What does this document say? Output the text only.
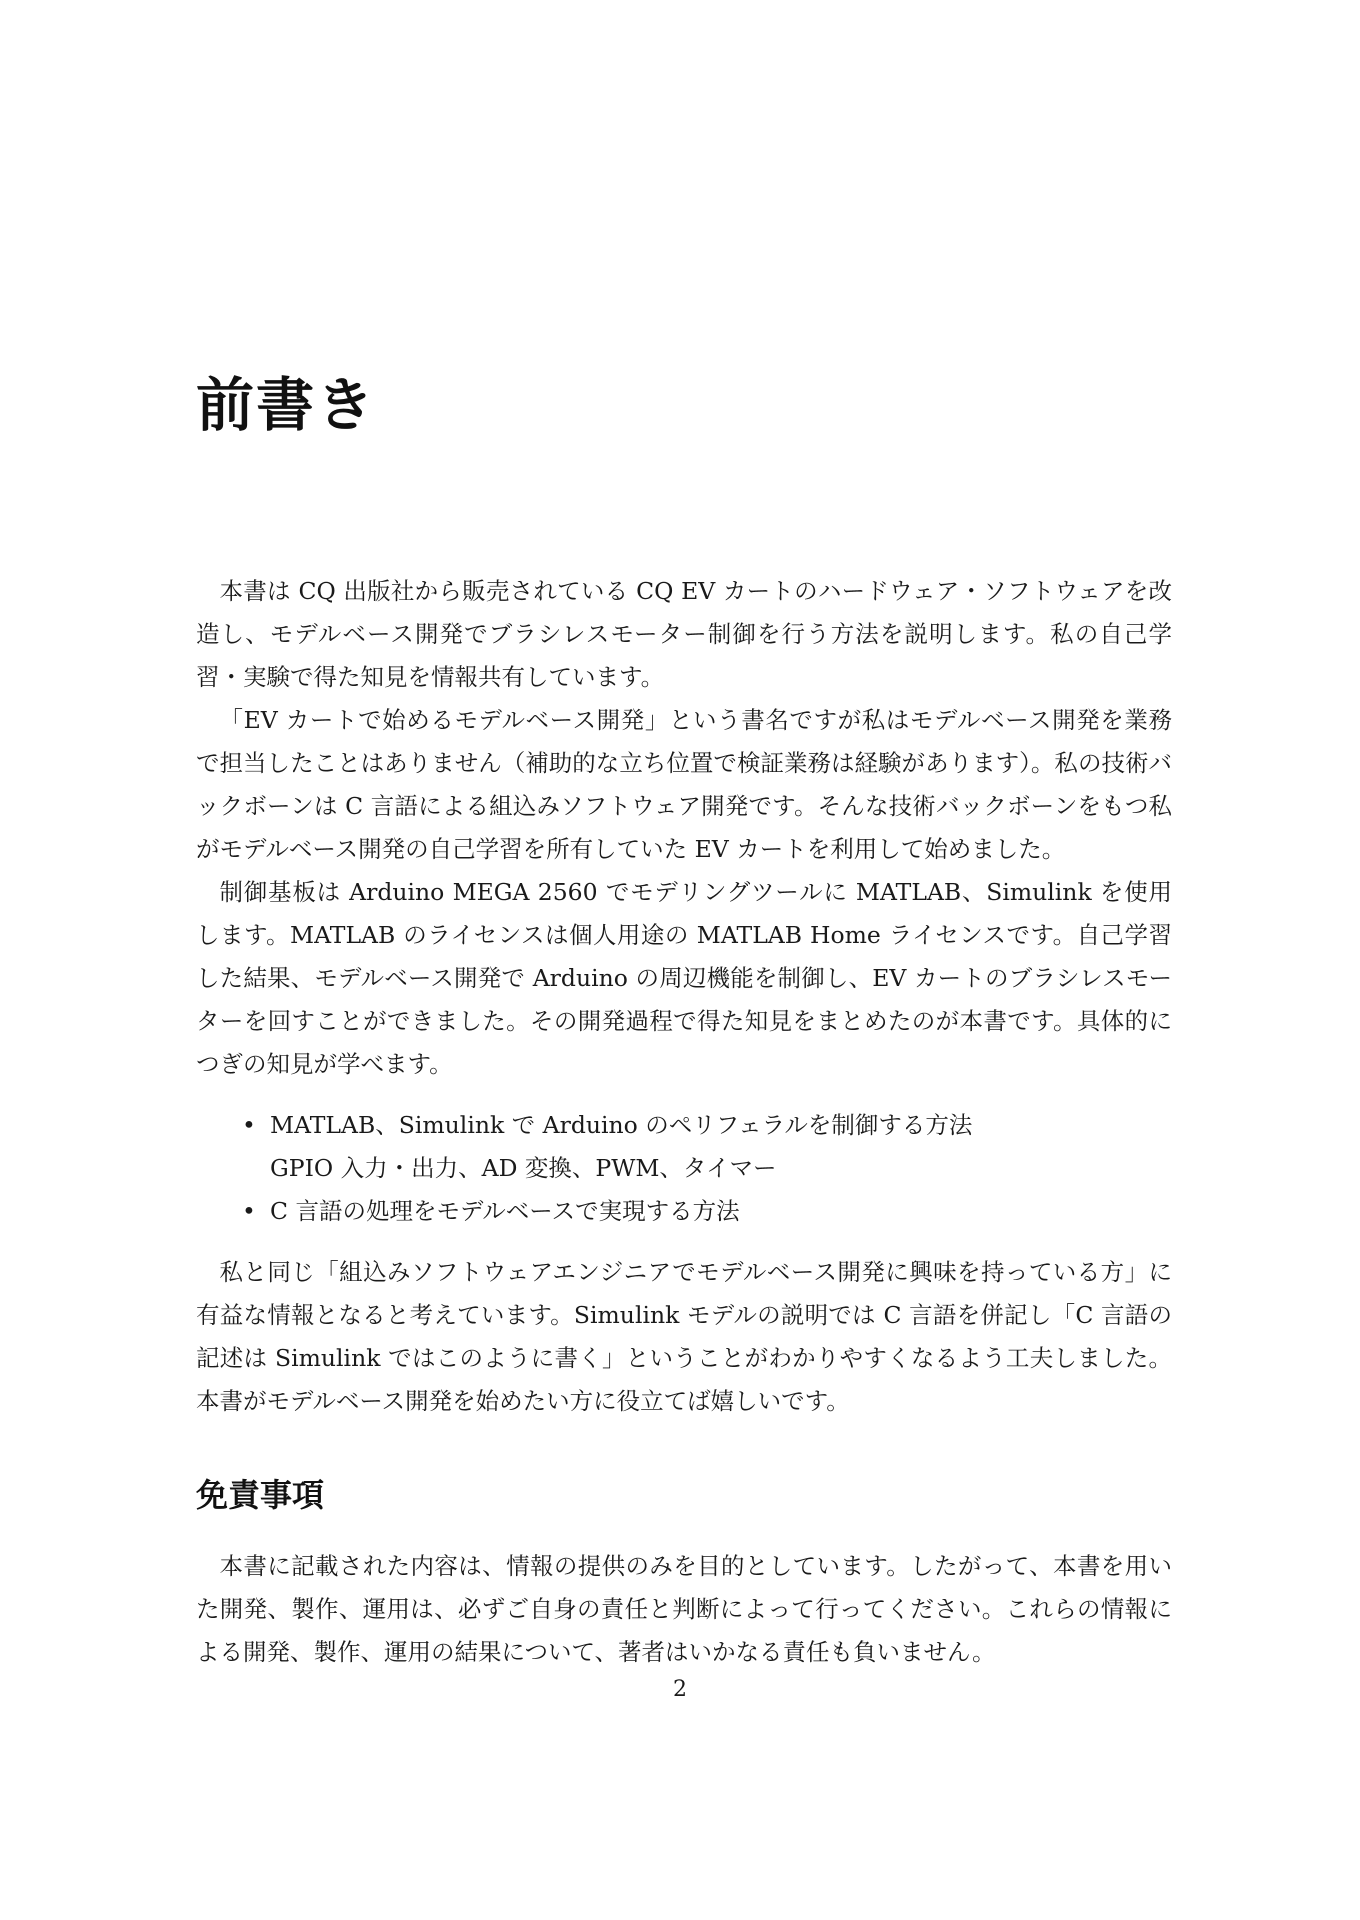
前書き

本書は CQ 出版社から販売されている CQ EV カートのハードウェア・ソフトウェアを改造し、モデルベース開発でブラシレスモーター制御を行う方法を説明します。私の自己学習・実験で得た知見を情報共有しています。

「EV カートで始めるモデルベース開発」という書名ですが私はモデルベース開発を業務で担当したことはありません（補助的な立ち位置で検証業務は経験があります）。私の技術バックボーンは C 言語による組込みソフトウェア開発です。そんな技術バックボーンをもつ私がモデルベース開発の自己学習を所有していた EV カートを利用して始めました。

制御基板は Arduino MEGA 2560 でモデリングツールに MATLAB、Simulink を使用します。MATLAB のライセンスは個人用途の MATLAB Home ライセンスです。自己学習した結果、モデルベース開発で Arduino の周辺機能を制御し、EV カートのブラシレスモーターを回すことができました。その開発過程で得た知見をまとめたのが本書です。具体的につぎの知見が学べます。

• MATLAB、Simulink で Arduino のペリフェラルを制御する方法
GPIO 入力・出力、AD 変換、PWM、タイマー
• C 言語の処理をモデルベースで実現する方法

私と同じ「組込みソフトウェアエンジニアでモデルベース開発に興味を持っている方」に有益な情報となると考えています。Simulink モデルの説明では C 言語を併記し「C 言語の記述は Simulink ではこのように書く」ということがわかりやすくなるよう工夫しました。本書がモデルベース開発を始めたい方に役立てば嬉しいです。

免責事項

本書に記載された内容は、情報の提供のみを目的としています。したがって、本書を用いた開発、製作、運用は、必ずご自身の責任と判断によって行ってください。これらの情報による開発、製作、運用の結果について、著者はいかなる責任も負いません。

2
